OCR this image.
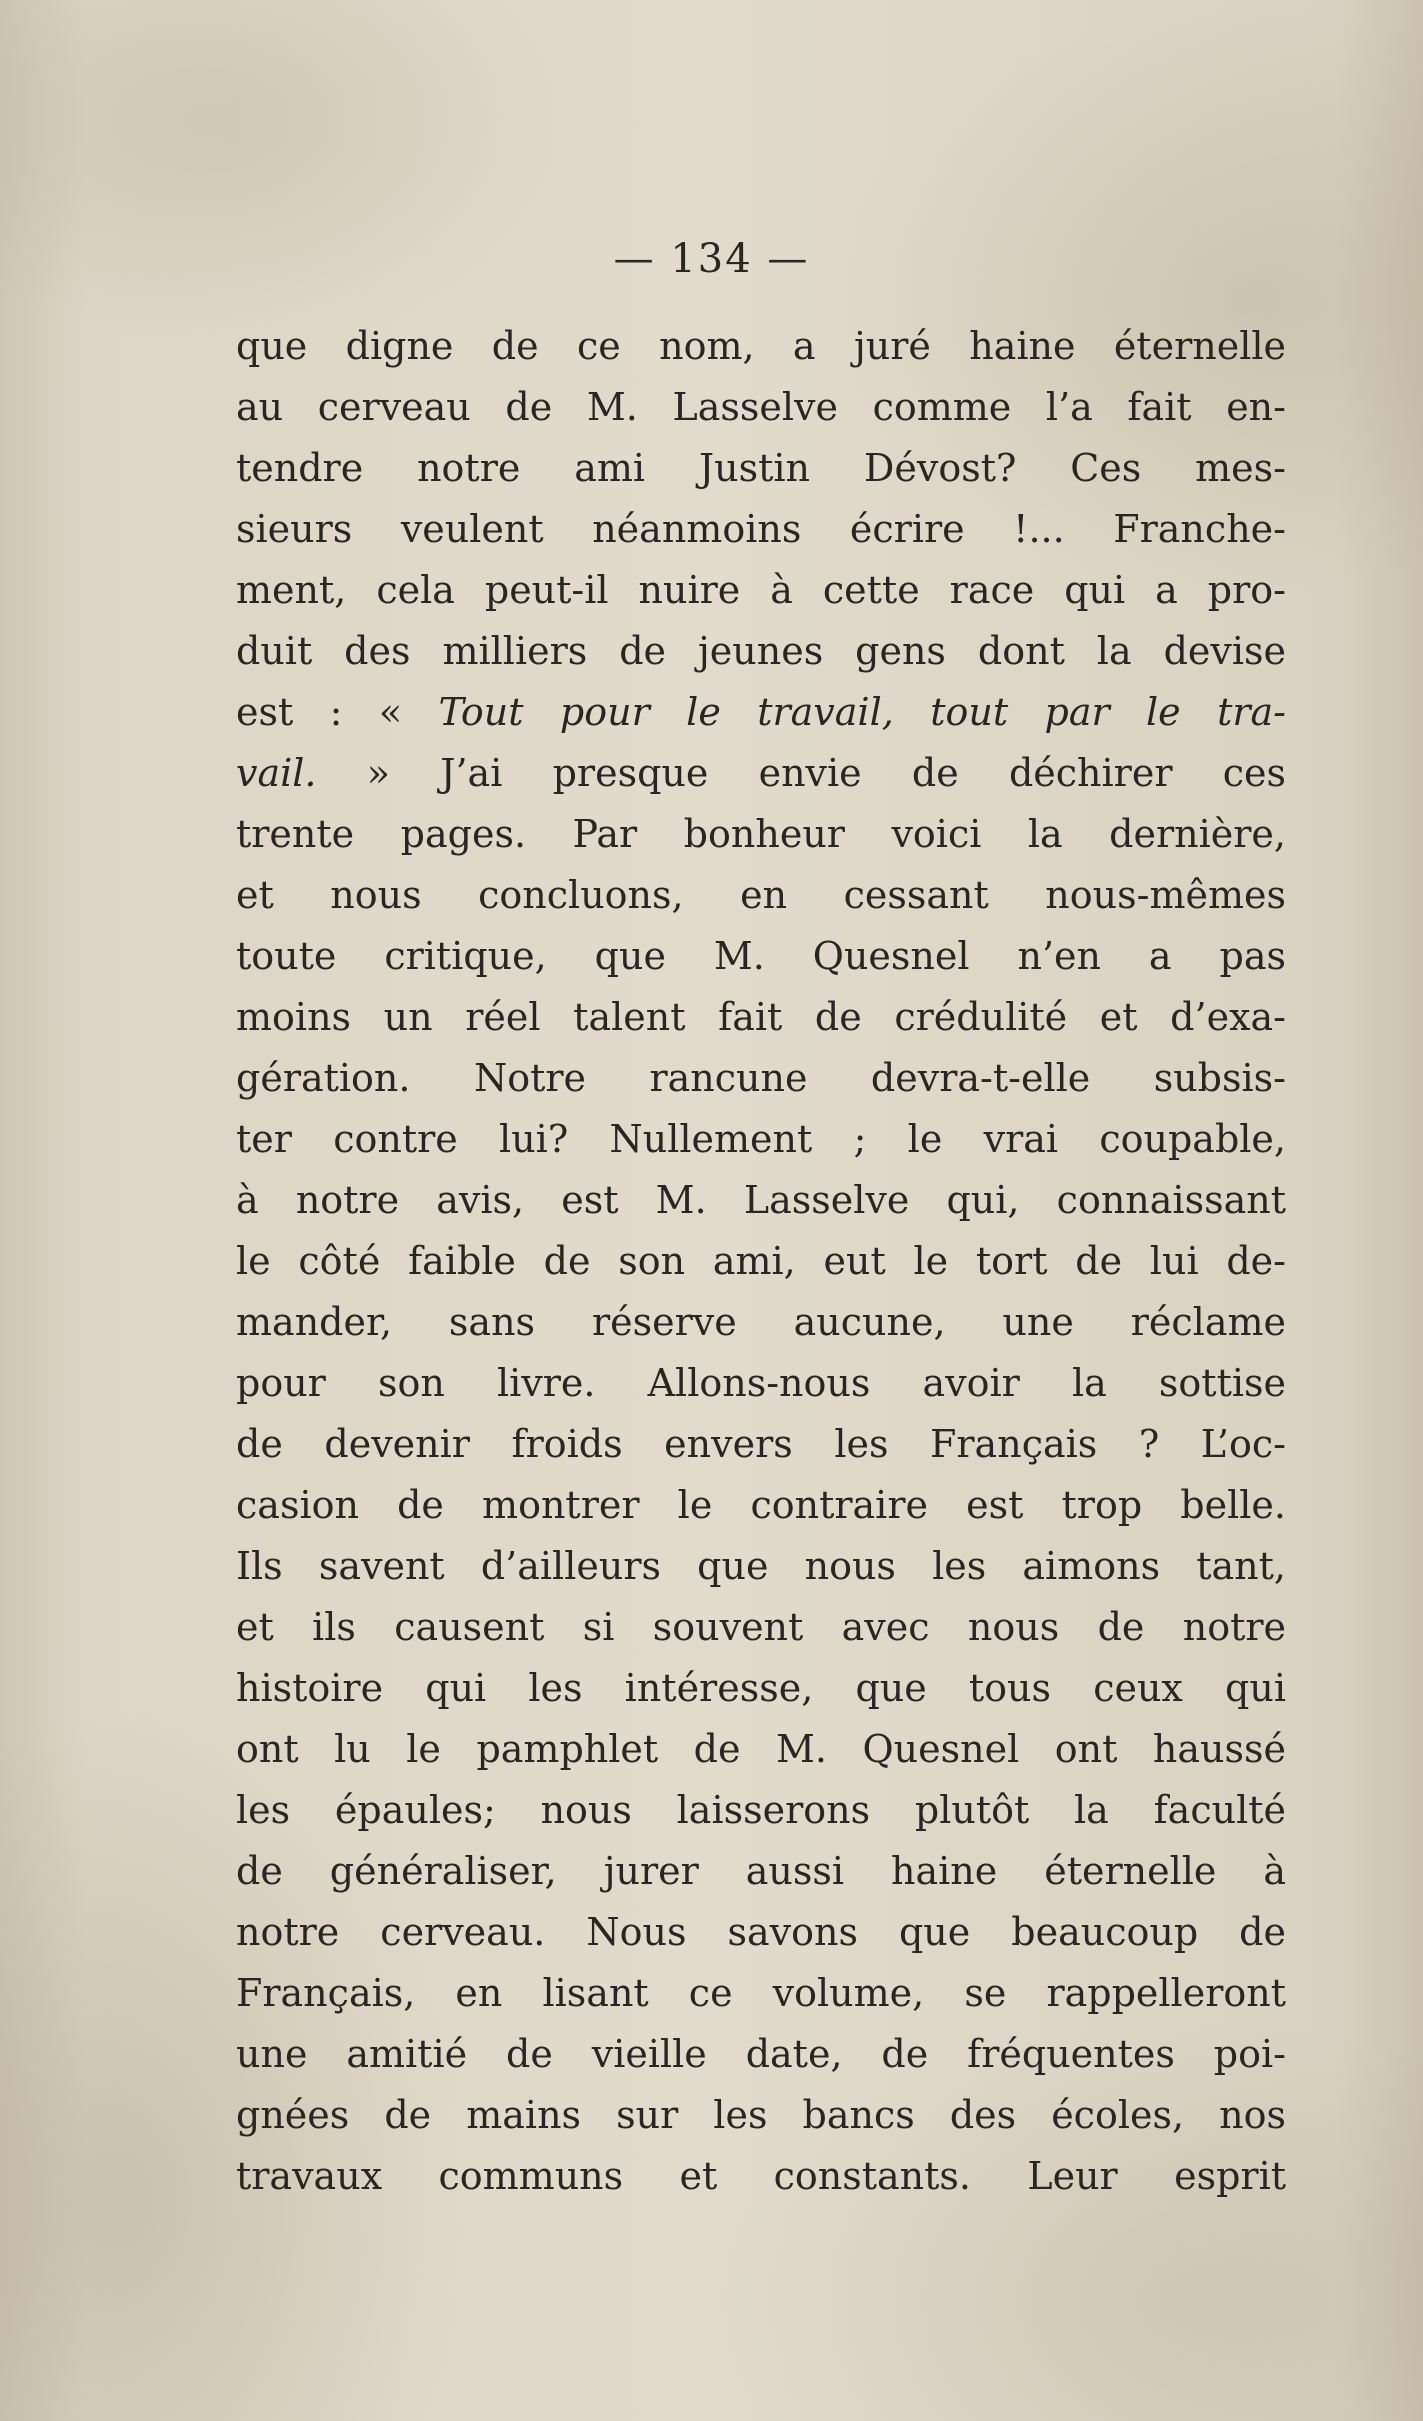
— 134 —
que digne de ce nom, a juré haine éternelle
au cerveau de M. Lasselve comme l’a fait en-
tendre notre ami Justin Dévost? Ces mes-
sieurs veulent néanmoins écrire !... Franche-
ment, cela peut-il nuire à cette race qui a pro-
duit des milliers de jeunes gens dont la devise
est : « Tout pour le travail, tout par le tra-
vail. » J’ai presque envie de déchirer ces
trente pages. Par bonheur voici la dernière,
et nous concluons, en cessant nous-mêmes
toute critique, que M. Quesnel n’en a pas
moins un réel talent fait de crédulité et d’exa-
gération. Notre rancune devra-t-elle subsis-
ter contre lui? Nullement ; le vrai coupable,
à notre avis, est M. Lasselve qui, connaissant
le côté faible de son ami, eut le tort de lui de-
mander, sans réserve aucune, une réclame
pour son livre. Allons-nous avoir la sottise
de devenir froids envers les Français ? L’oc-
casion de montrer le contraire est trop belle.
Ils savent d’ailleurs que nous les aimons tant,
et ils causent si souvent avec nous de notre
histoire qui les intéresse, que tous ceux qui
ont lu le pamphlet de M. Quesnel ont haussé
les épaules; nous laisserons plutôt la faculté
de généraliser, jurer aussi haine éternelle à
notre cerveau. Nous savons que beaucoup de
Français, en lisant ce volume, se rappelleront
une amitié de vieille date, de fréquentes poi-
gnées de mains sur les bancs des écoles, nos
travaux communs et constants. Leur esprit
